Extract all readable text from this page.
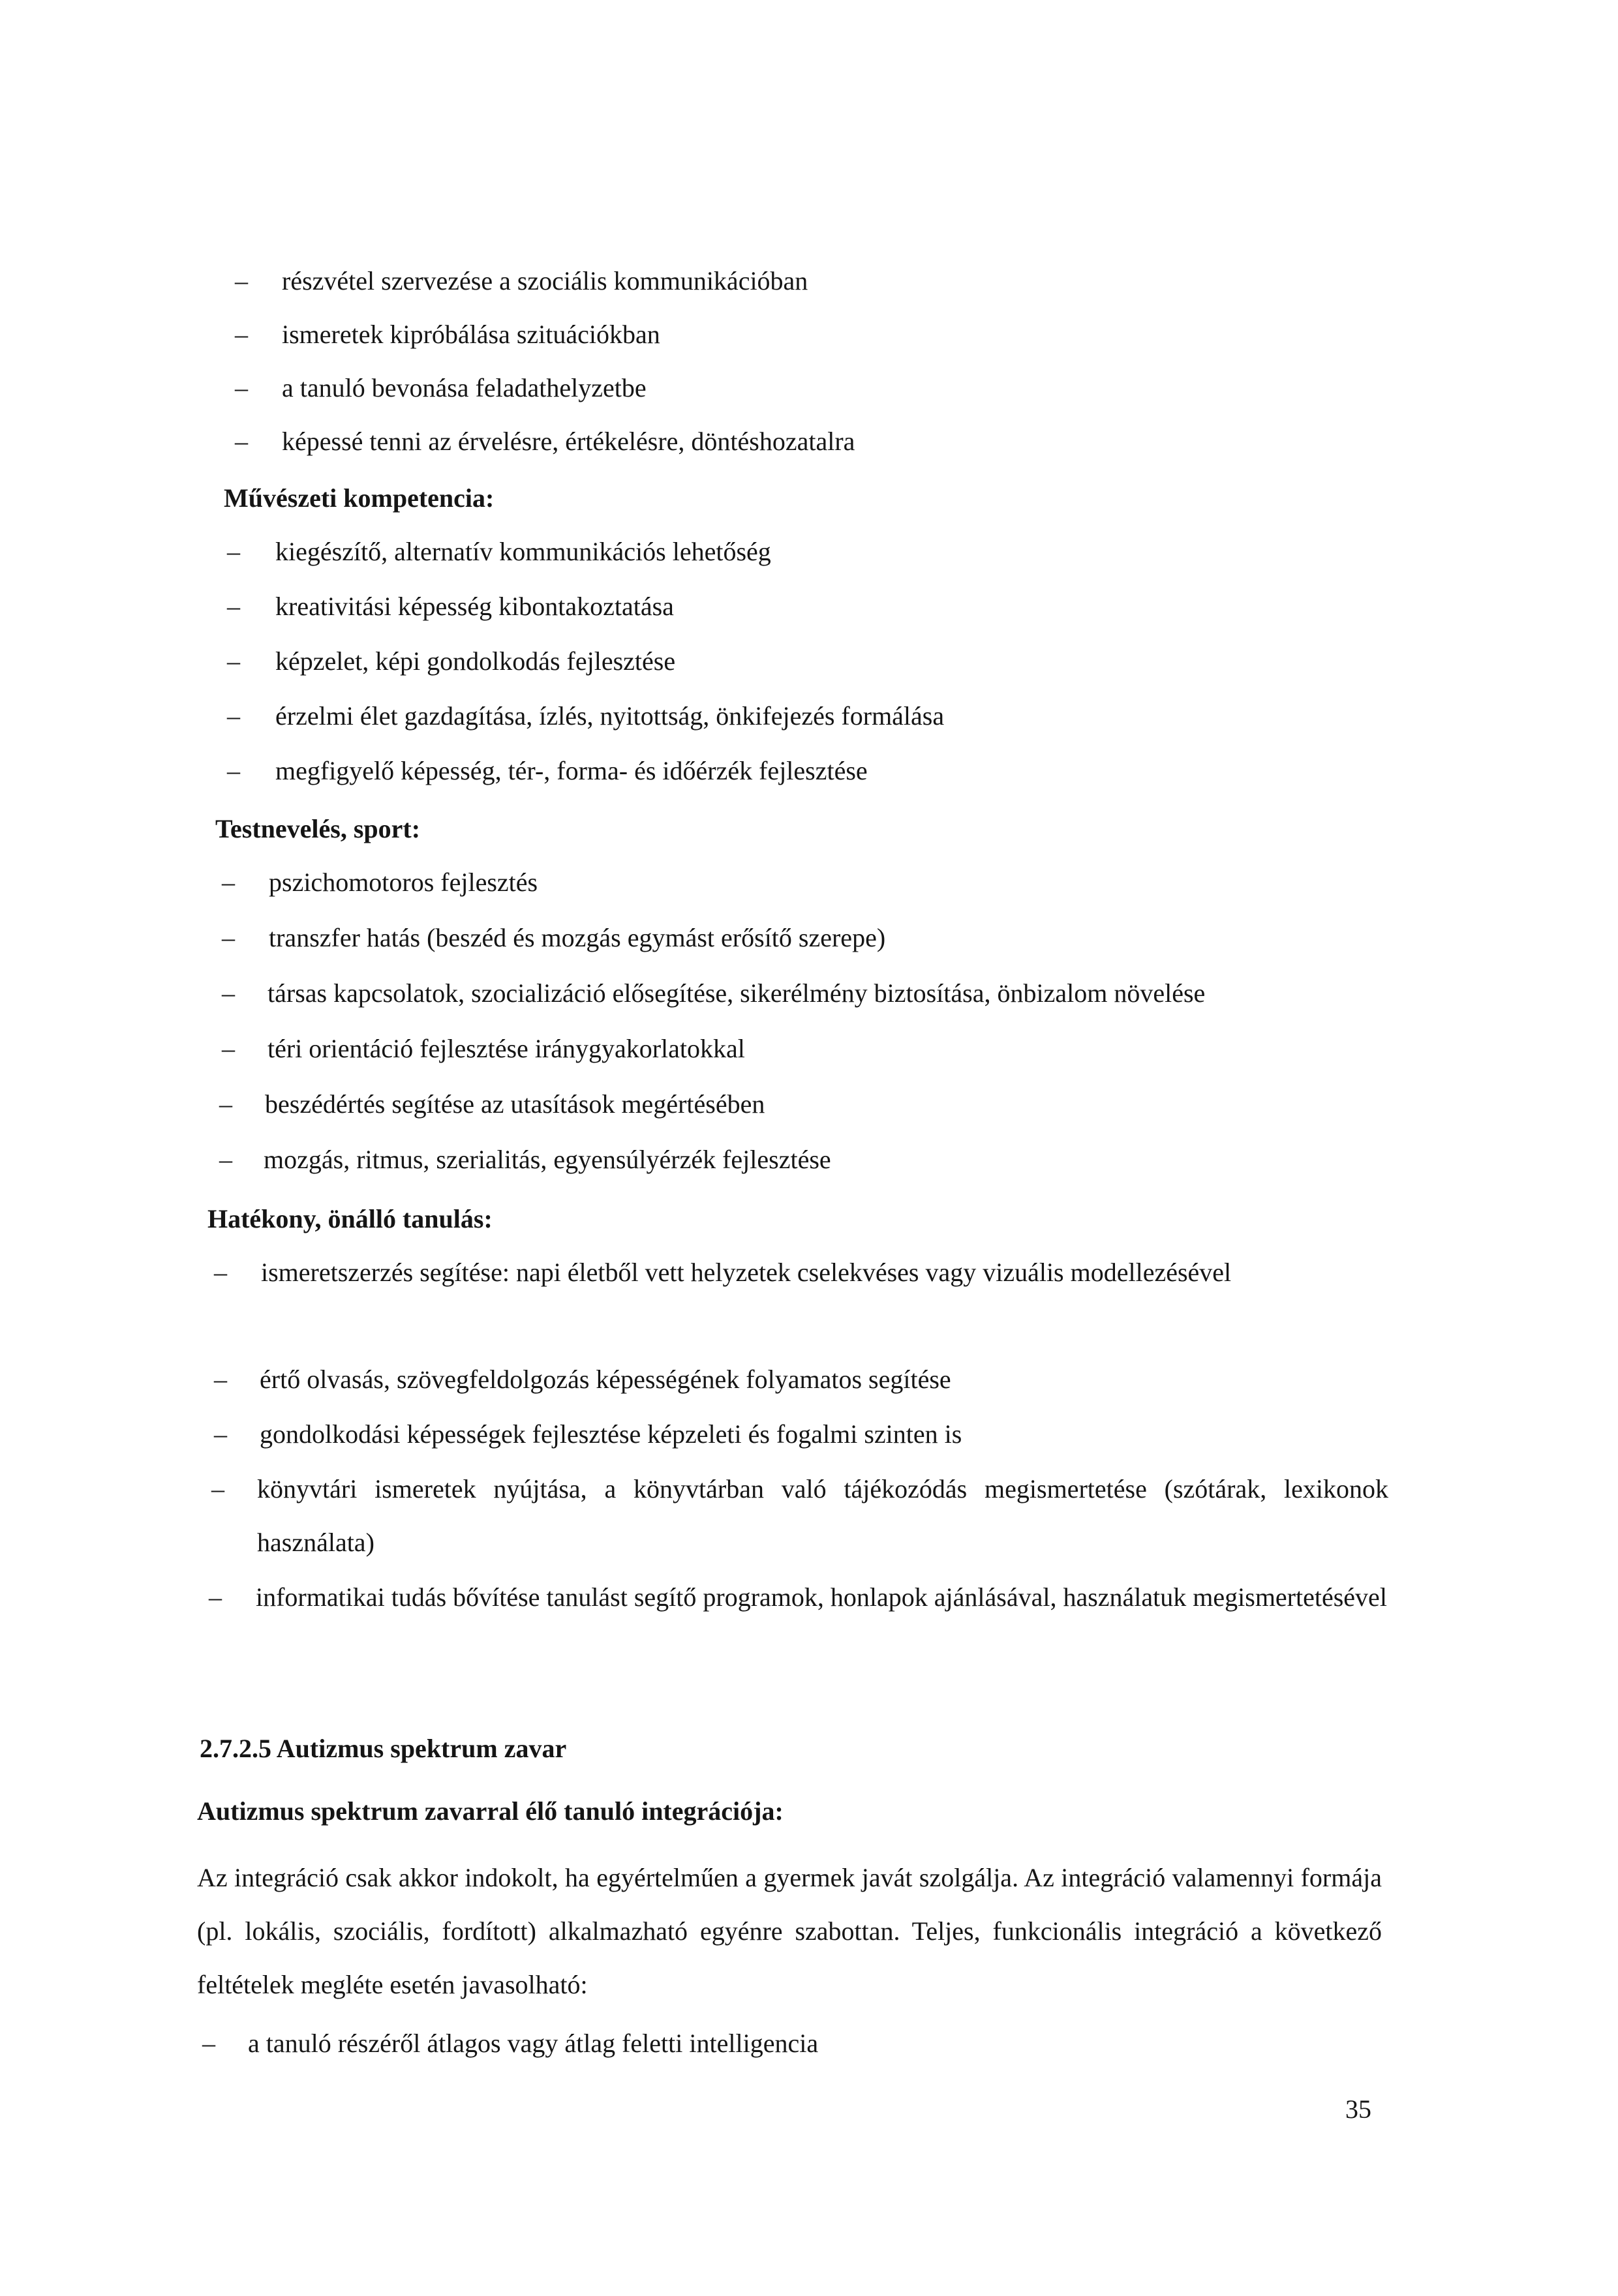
– részvétel szervezése a szociális kommunikációban
– ismeretek kipróbálása szituációkban
– a tanuló bevonása feladathelyzetbe
– képessé tenni az érvelésre, értékelésre, döntéshozatalra
Művészeti kompetencia:
– kiegészítő, alternatív kommunikációs lehetőség
– kreativitási képesség kibontakoztatása
– képzelet, képi gondolkodás fejlesztése
– érzelmi élet gazdagítása, ízlés, nyitottság, önkifejezés formálása
– megfigyelő képesség, tér-, forma- és időérzék fejlesztése
Testnevelés, sport:
– pszichomotoros fejlesztés
– transzfer hatás (beszéd és mozgás egymást erősítő szerepe)
– társas kapcsolatok, szocializáció elősegítése, sikerélmény biztosítása, önbizalom növelése
– téri orientáció fejlesztése iránygyakorlatokkal
– beszédértés segítése az utasítások megértésében
– mozgás, ritmus, szerialitás, egyensúlyérzék fejlesztése
Hatékony, önálló tanulás:
– ismeretszerzés segítése: napi életből vett helyzetek cselekvéses vagy vizuális modellezésével
– értő olvasás, szövegfeldolgozás képességének folyamatos segítése
– gondolkodási képességek fejlesztése képzeleti és fogalmi szinten is
– könyvtári ismeretek nyújtása, a könyvtárban való tájékozódás megismertetése (szótárak, lexikonok használata)
– informatikai tudás bővítése tanulást segítő programok, honlapok ajánlásával, használatuk megismertetésével
2.7.2.5 Autizmus spektrum zavar
Autizmus spektrum zavarral élő tanuló integrációja:
Az integráció csak akkor indokolt, ha egyértelműen a gyermek javát szolgálja. Az integráció valamennyi formája (pl. lokális, szociális, fordított) alkalmazható egyénre szabottan. Teljes, funkcionális integráció a következő feltételek megléte esetén javasolható:
– a tanuló részéről átlagos vagy átlag feletti intelligencia
35
